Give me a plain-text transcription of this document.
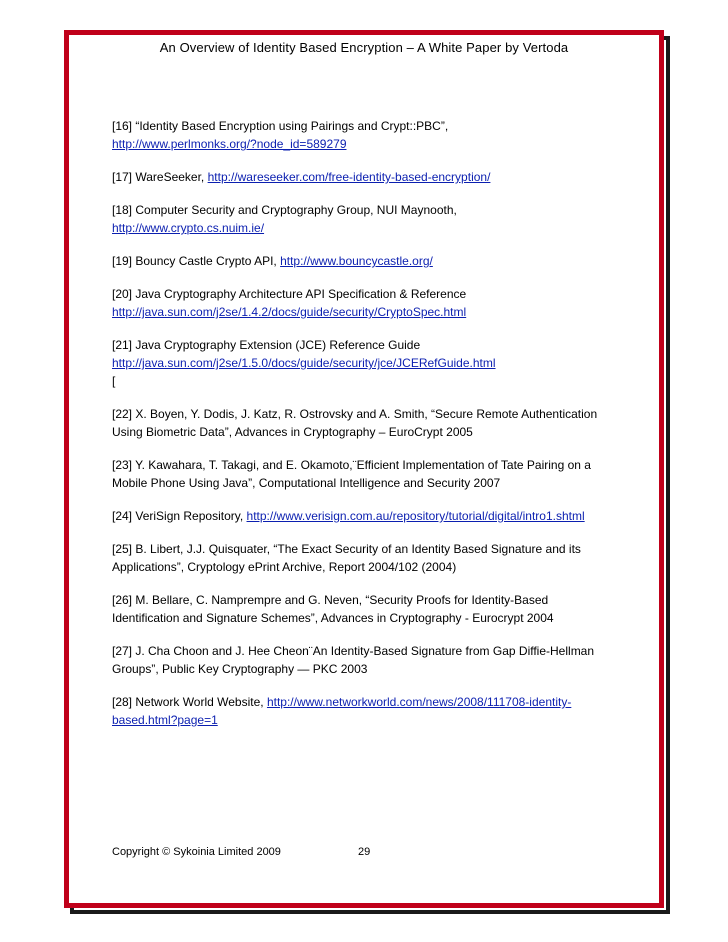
An Overview of Identity Based Encryption – A White Paper by Vertoda
[16] “Identity Based Encryption using Pairings and Crypt::PBC”,
http://www.perlmonks.org/?node_id=589279
[17] WareSeeker, http://wareseeker.com/free-identity-based-encryption/
[18] Computer Security and Cryptography Group, NUI Maynooth,
http://www.crypto.cs.nuim.ie/
[19] Bouncy Castle Crypto API, http://www.bouncycastle.org/
[20] Java Cryptography Architecture API Specification & Reference
http://java.sun.com/j2se/1.4.2/docs/guide/security/CryptoSpec.html
[21] Java Cryptography Extension (JCE) Reference Guide
http://java.sun.com/j2se/1.5.0/docs/guide/security/jce/JCERefGuide.html
[
[22] X. Boyen, Y. Dodis, J. Katz, R. Ostrovsky and A. Smith, “Secure Remote Authentication
Using Biometric Data”, Advances in Cryptography – EuroCrypt 2005
[23] Y. Kawahara, T. Takagi, and E. Okamoto,¨Efficient Implementation of Tate Pairing on a
Mobile Phone Using Java”, Computational Intelligence and Security 2007
[24] VeriSign Repository, http://www.verisign.com.au/repository/tutorial/digital/intro1.shtml
[25] B. Libert, J.J. Quisquater, “The Exact Security of an Identity Based Signature and its
Applications”, Cryptology ePrint Archive, Report 2004/102 (2004)
[26] M. Bellare, C. Namprempre and G. Neven, “Security Proofs for Identity-Based
Identification and Signature Schemes”, Advances in Cryptography - Eurocrypt 2004
[27] J. Cha Choon and J. Hee Cheon¨An Identity-Based Signature from Gap Diffie-Hellman
Groups”, Public Key Cryptography — PKC 2003
[28] Network World Website, http://www.networkworld.com/news/2008/111708-identity-
based.html?page=1
Copyright © Sykoinia Limited 2009	29
